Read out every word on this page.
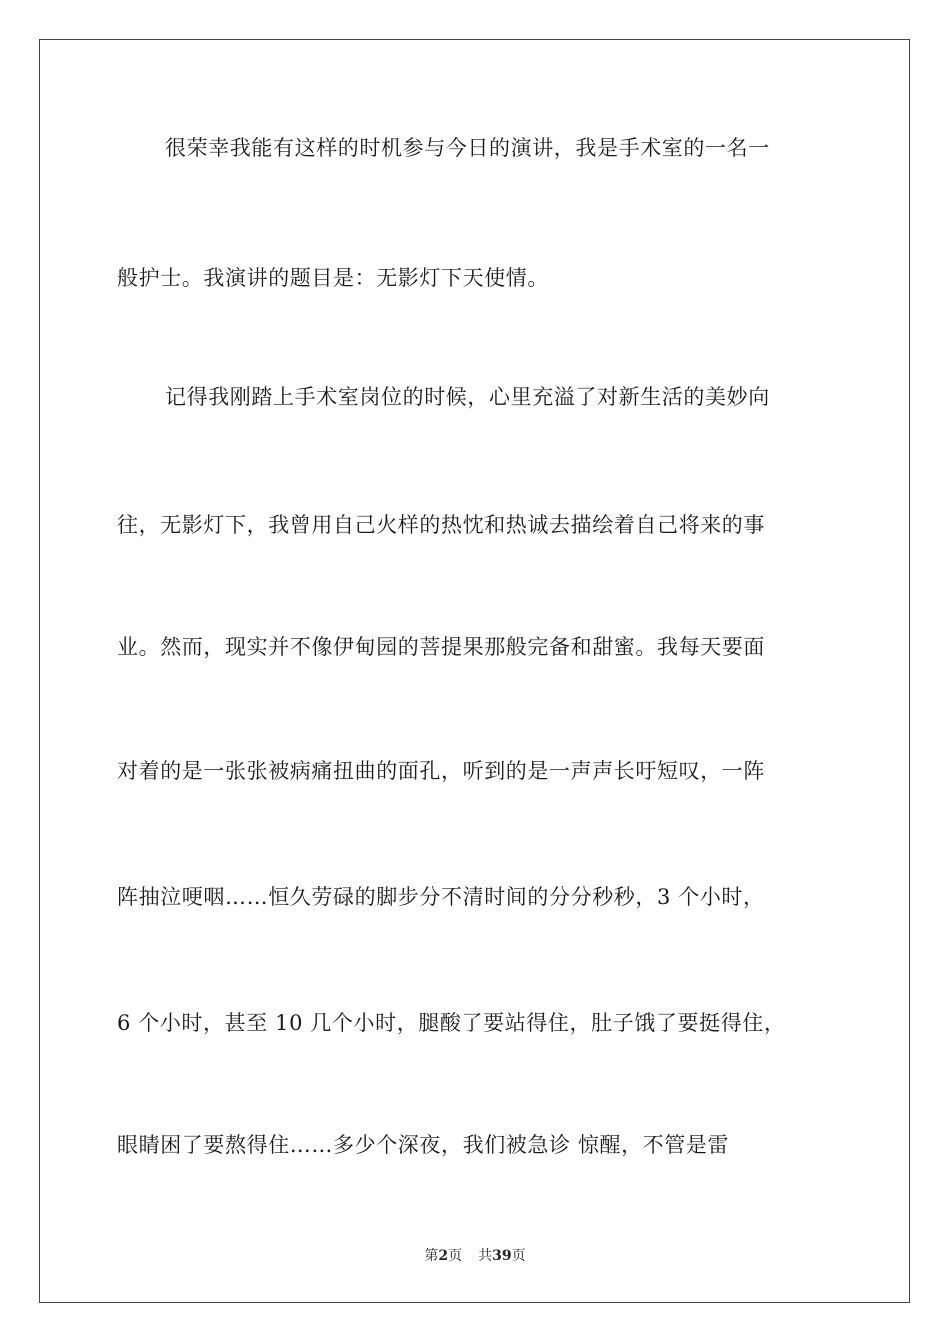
很荣幸我能有这样的时机参与今日的演讲，我是手术室的一名一
般护士。我演讲的题目是：无影灯下天使情。
记得我刚踏上手术室岗位的时候，心里充溢了对新生活的美妙向
往，无影灯下，我曾用自己火样的热忱和热诚去描绘着自己将来的事
业。然而，现实并不像伊甸园的菩提果那般完备和甜蜜。我每天要面
对着的是一张张被病痛扭曲的面孔，听到的是一声声长吁短叹，一阵
阵抽泣哽咽……恒久劳碌的脚步分不清时间的分分秒秒，3 个小时，
6 个小时，甚至 10 几个小时，腿酸了要站得住，肚子饿了要挺得住，
眼睛困了要熬得住……多少个深夜，我们被急诊 惊醒，不管是雷
第2页 共39页
